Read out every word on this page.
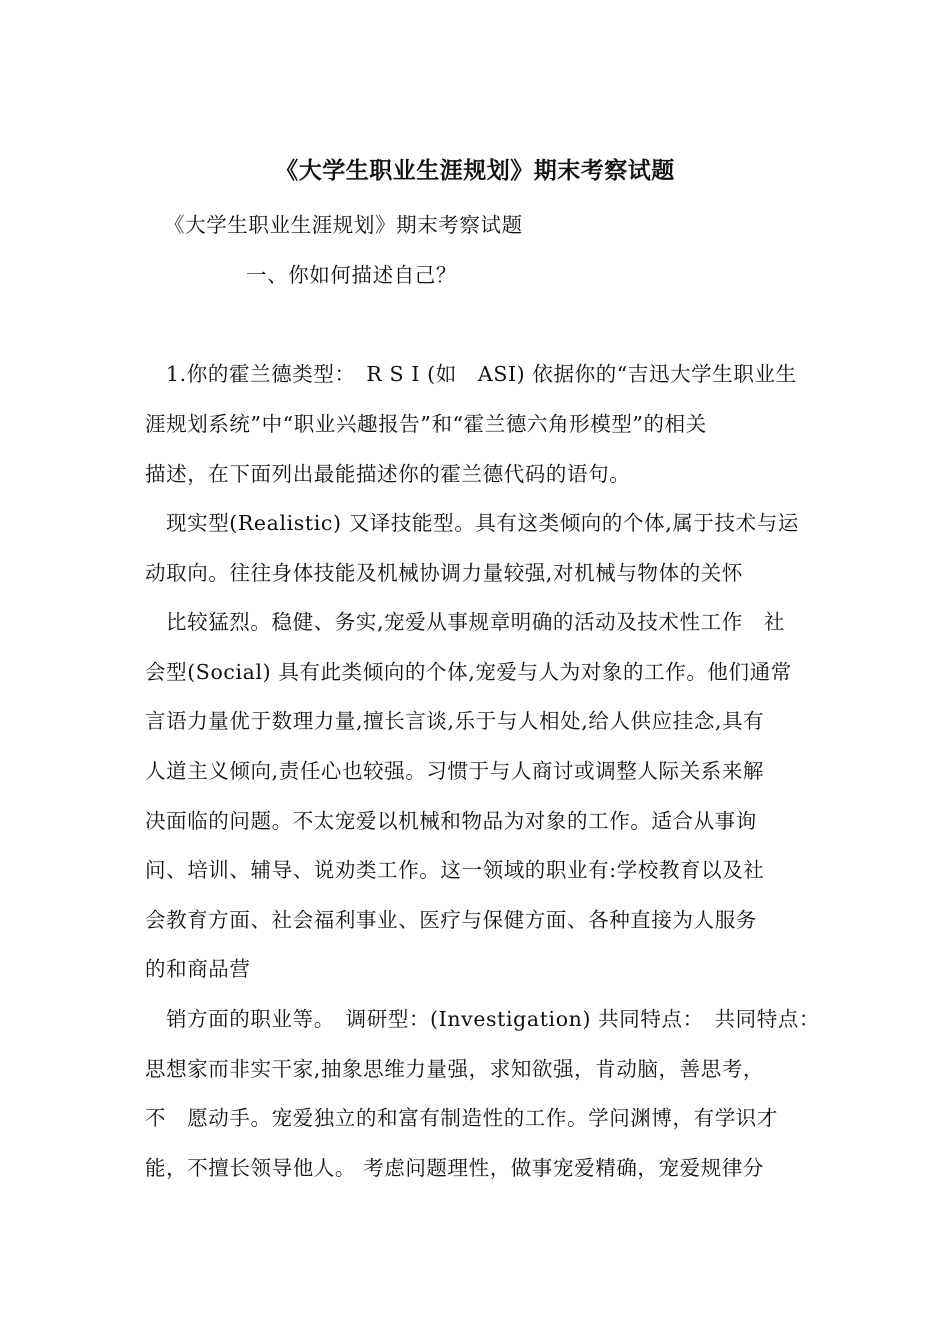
《大学生职业生涯规划》期末考察试题
《大学生职业生涯规划》期末考察试题
一、你如何描述自己？
1.你的霍兰德类型：　R S I (如　ASI) 依据你的“吉迅大学生职业生
涯规划系统”中“职业兴趣报告”和“霍兰德六角形模型”的相关
描述，在下面列出最能描述你的霍兰德代码的语句。
现实型(Realistic) 又译技能型。具有这类倾向的个体,属于技术与运
动取向。往往身体技能及机械协调力量较强,对机械与物体的关怀
比较猛烈。稳健、务实,宠爱从事规章明确的活动及技术性工作　社
会型(Social) 具有此类倾向的个体,宠爱与人为对象的工作。他们通常
言语力量优于数理力量,擅长言谈,乐于与人相处,给人供应挂念,具有
人道主义倾向,责任心也较强。习惯于与人商讨或调整人际关系来解
决面临的问题。不太宠爱以机械和物品为对象的工作。适合从事询
问、培训、辅导、说劝类工作。这一领域的职业有:学校教育以及社
会教育方面、社会福利事业、医疗与保健方面、各种直接为人服务
的和商品营
销方面的职业等。　调研型：(Investigation) 共同特点：　共同特点：
思想家而非实干家,抽象思维力量强，求知欲强，肯动脑，善思考，
不　愿动手。宠爱独立的和富有制造性的工作。学问渊博，有学识才
能，不擅长领导他人。 考虑问题理性，做事宠爱精确，宠爱规律分
